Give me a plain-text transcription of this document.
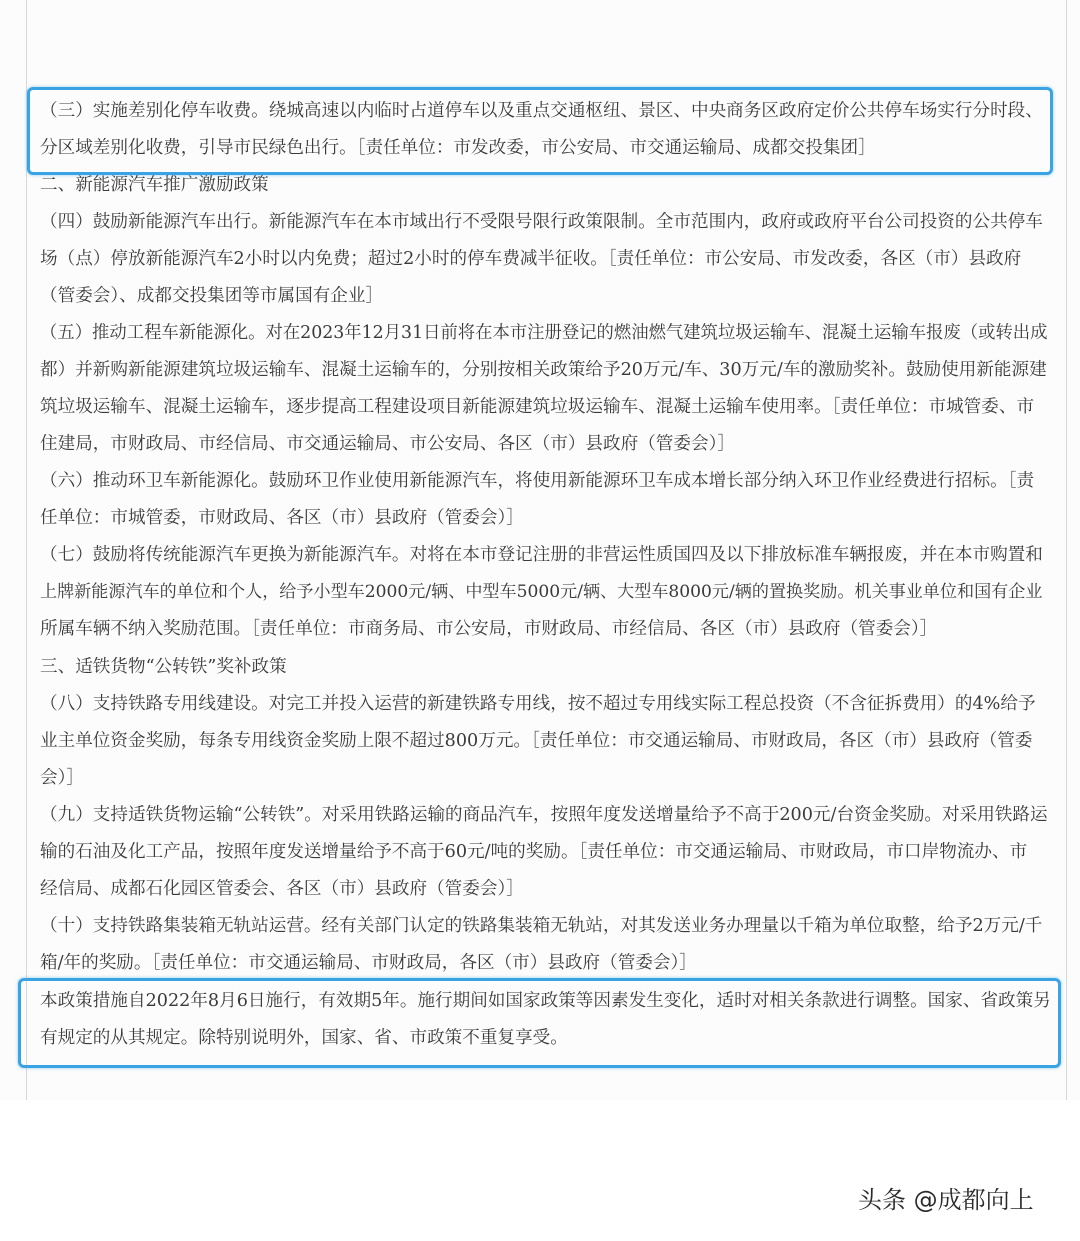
（三）实施差别化停车收费。绕城高速以内临时占道停车以及重点交通枢纽、景区、中央商务区政府定价公共停车场实行分时段、
分区域差别化收费，引导市民绿色出行。［责任单位：市发改委，市公安局、市交通运输局、成都交投集团］
二、新能源汽车推广激励政策
（四）鼓励新能源汽车出行。新能源汽车在本市域出行不受限号限行政策限制。全市范围内，政府或政府平台公司投资的公共停车
场（点）停放新能源汽车2小时以内免费；超过2小时的停车费减半征收。［责任单位：市公安局、市发改委，各区（市）县政府
（管委会）、成都交投集团等市属国有企业］
（五）推动工程车新能源化。对在2023年12月31日前将在本市注册登记的燃油燃气建筑垃圾运输车、混凝土运输车报废（或转出成
都）并新购新能源建筑垃圾运输车、混凝土运输车的，分别按相关政策给予20万元/车、30万元/车的激励奖补。鼓励使用新能源建
筑垃圾运输车、混凝土运输车，逐步提高工程建设项目新能源建筑垃圾运输车、混凝土运输车使用率。［责任单位：市城管委、市
住建局，市财政局、市经信局、市交通运输局、市公安局、各区（市）县政府（管委会）］
（六）推动环卫车新能源化。鼓励环卫作业使用新能源汽车，将使用新能源环卫车成本增长部分纳入环卫作业经费进行招标。［责
任单位：市城管委，市财政局、各区（市）县政府（管委会）］
（七）鼓励将传统能源汽车更换为新能源汽车。对将在本市登记注册的非营运性质国四及以下排放标准车辆报废，并在本市购置和
上牌新能源汽车的单位和个人，给予小型车2000元/辆、中型车5000元/辆、大型车8000元/辆的置换奖励。机关事业单位和国有企业
所属车辆不纳入奖励范围。［责任单位：市商务局、市公安局，市财政局、市经信局、各区（市）县政府（管委会）］
三、适铁货物“公转铁”奖补政策
（八）支持铁路专用线建设。对完工并投入运营的新建铁路专用线，按不超过专用线实际工程总投资（不含征拆费用）的4%给予
业主单位资金奖励，每条专用线资金奖励上限不超过800万元。［责任单位：市交通运输局、市财政局，各区（市）县政府（管委
会）］
（九）支持适铁货物运输“公转铁”。对采用铁路运输的商品汽车，按照年度发送增量给予不高于200元/台资金奖励。对采用铁路运
输的石油及化工产品，按照年度发送增量给予不高于60元/吨的奖励。［责任单位：市交通运输局、市财政局，市口岸物流办、市
经信局、成都石化园区管委会、各区（市）县政府（管委会）］
（十）支持铁路集装箱无轨站运营。经有关部门认定的铁路集装箱无轨站，对其发送业务办理量以千箱为单位取整，给予2万元/千
箱/年的奖励。［责任单位：市交通运输局、市财政局，各区（市）县政府（管委会）］
本政策措施自2022年8月6日施行，有效期5年。施行期间如国家政策等因素发生变化，适时对相关条款进行调整。国家、省政策另
有规定的从其规定。除特别说明外，国家、省、市政策不重复享受。
头条 @成都向上
